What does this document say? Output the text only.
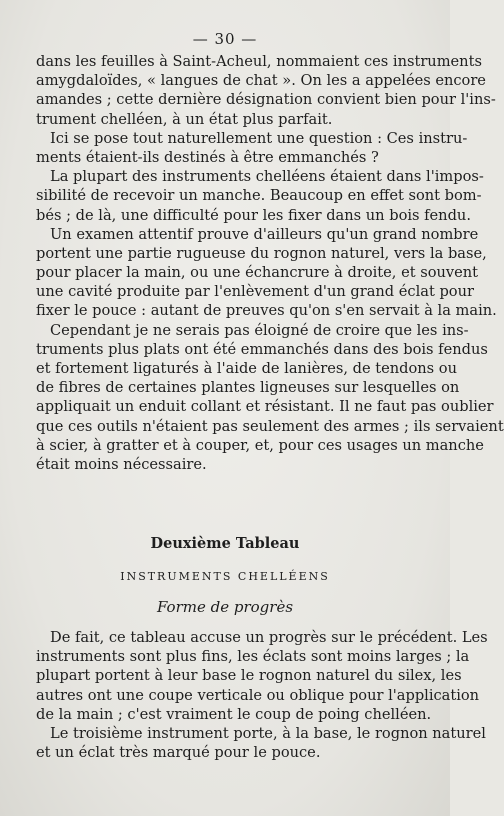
— 30 —
dans les feuilles à Saint-Acheul, nommaient ces instruments
amygdaloïdes, « langues de chat ». On les a appelées encore
amandes ; cette dernière désignation convient bien pour l'ins-
trument chelléen, à un état plus parfait.
Ici se pose tout naturellement une question : Ces instru-
ments étaient-ils destinés à être emmanchés ?
La plupart des instruments chelléens étaient dans l'impos-
sibilité de recevoir un manche. Beaucoup en effet sont bom-
bés ; de là, une difficulté pour les fixer dans un bois fendu.
Un examen attentif prouve d'ailleurs qu'un grand nombre
portent une partie rugueuse du rognon naturel, vers la base,
pour placer la main, ou une échancrure à droite, et souvent
une cavité produite par l'enlèvement d'un grand éclat pour
fixer le pouce : autant de preuves qu'on s'en servait à la main.
Cependant je ne serais pas éloigné de croire que les ins-
truments plus plats ont été emmanchés dans des bois fendus
et fortement ligaturés à l'aide de lanières, de tendons ou
de fibres de certaines plantes ligneuses sur lesquelles on
appliquait un enduit collant et résistant. Il ne faut pas oublier
que ces outils n'étaient pas seulement des armes ; ils servaient
à scier, à gratter et à couper, et, pour ces usages un manche
était moins nécessaire.
Deuxième Tableau
INSTRUMENTS CHELLÉENS
Forme de progrès
De fait, ce tableau accuse un progrès sur le précédent. Les
instruments sont plus fins, les éclats sont moins larges ; la
plupart portent à leur base le rognon naturel du silex, les
autres ont une coupe verticale ou oblique pour l'application
de la main ; c'est vraiment le coup de poing chelléen.
Le troisième instrument porte, à la base, le rognon naturel
et un éclat très marqué pour le pouce.
